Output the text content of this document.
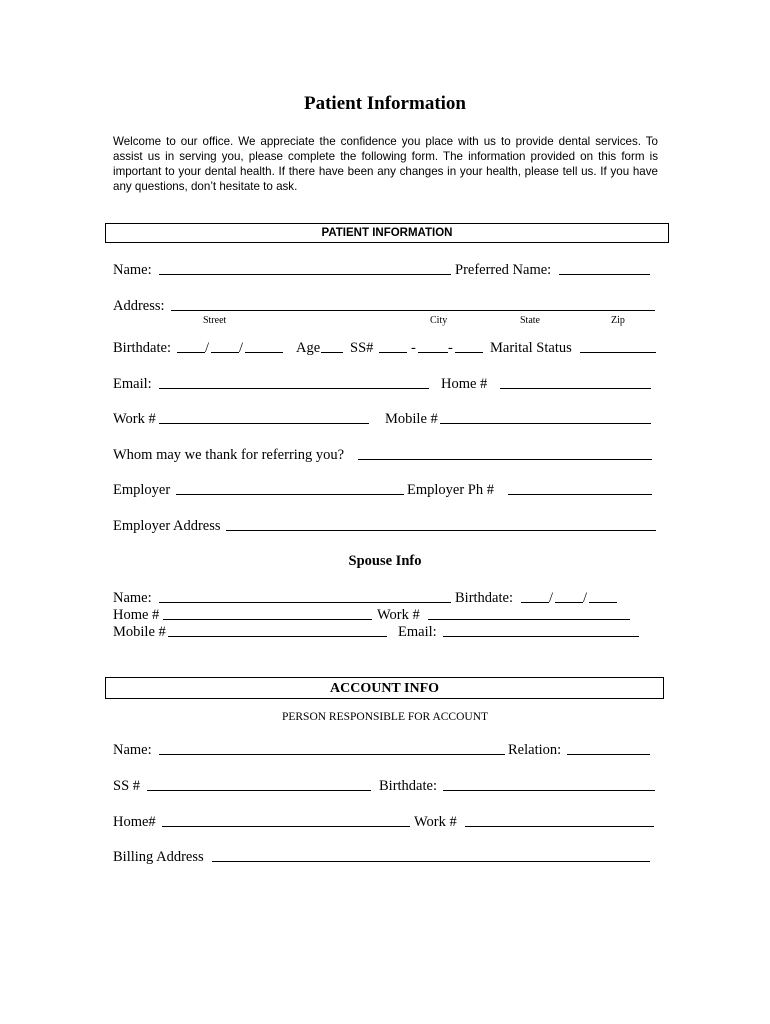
Patient Information
Welcome to our office. We appreciate the confidence you place with us to provide dental services. To assist us in serving you, please complete the following form. The information provided on this form is important to your dental health. If there have been any changes in your health, please tell us. If you have any questions, don’t hesitate to ask.
PATIENT INFORMATION
Name:	Preferred Name:
Address:
Street	City	State	Zip
Birthdate: / /	Age SS#	- -	Marital Status
Email:	Home #
Work #	Mobile #
Whom may we thank for referring you?
Employer	Employer Ph #
Employer Address
Spouse Info
Name:	Birthdate: / /
Home #	Work #
Mobile #	Email:
ACCOUNT INFO
PERSON RESPONSIBLE FOR ACCOUNT
Name:	Relation:
SS #	Birthdate:
Home#	Work #
Billing Address
